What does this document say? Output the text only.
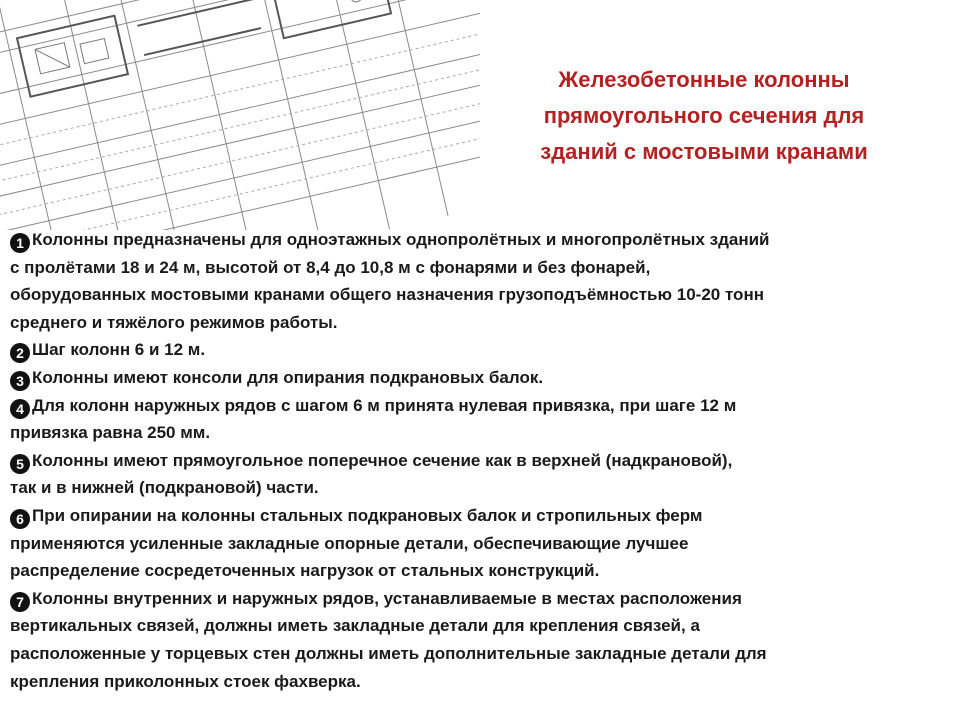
Железобетонные колонны
прямоугольного сечения для
зданий с мостовыми кранами
1 Колонны предназначены для одноэтажных однопролётных и многопролётных зданий
с пролётами 18 и 24 м, высотой от 8,4 до 10,8 м с фонарями и без фонарей,
оборудованных мостовыми кранами общего назначения грузоподъёмностью 10-20 тонн
среднего и тяжёлого режимов работы.
2 Шаг колонн 6 и 12 м.
3 Колонны имеют консоли для опирания подкрановых балок.
4 Для колонн наружных рядов с шагом 6 м принята нулевая привязка, при шаге 12 м
привязка равна 250 мм.
5 Колонны имеют прямоугольное поперечное сечение как в верхней (надкрановой),
так и в нижней (подкрановой) части.
6 При опирании на колонны стальных подкрановых балок и стропильных ферм
применяются усиленные закладные опорные детали, обеспечивающие лучшее
распределение сосредеточенных нагрузок от стальных конструкций.
7 Колонны внутренних и наружных рядов, устанавливаемые в местах расположения
вертикальных связей, должны иметь закладные детали для крепления связей, а
расположенные у торцевых стен должны иметь дополнительные закладные детали для
крепления приколонных стоек фахверка.
